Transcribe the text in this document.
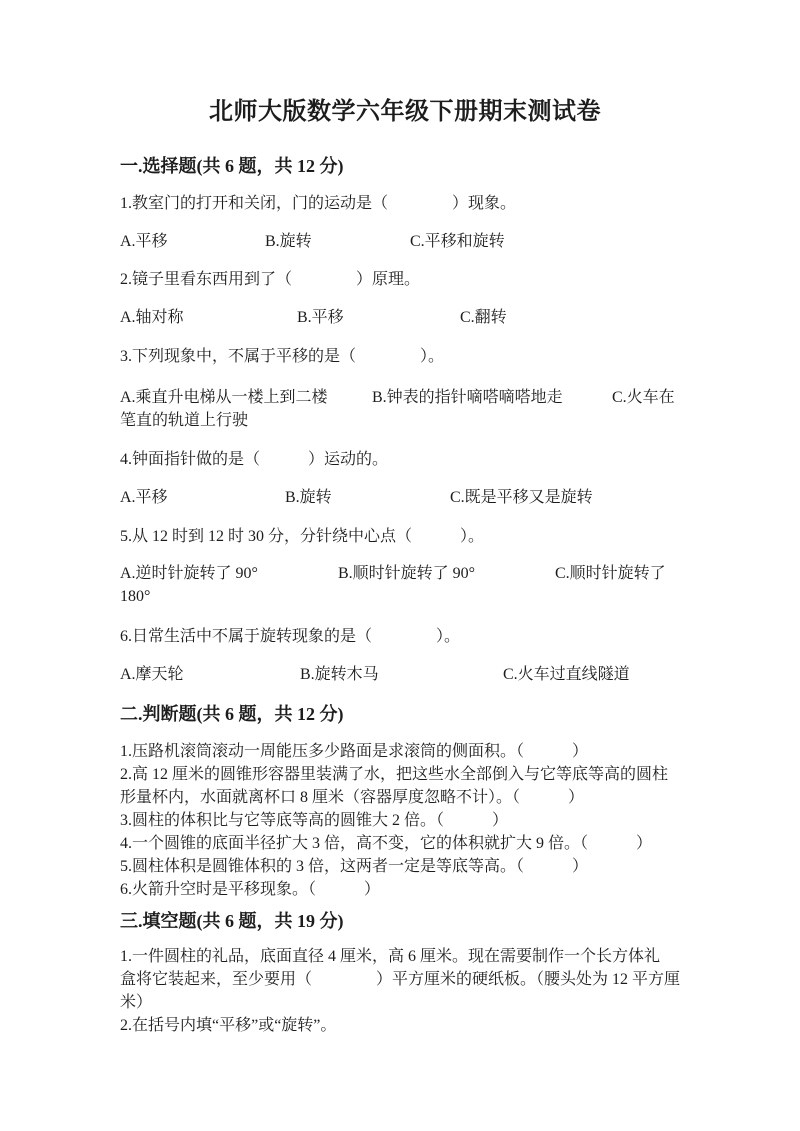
北师大版数学六年级下册期末测试卷
一.选择题(共 6 题，共 12 分)

1.教室门的打开和关闭，门的运动是（　　　　）现象。

A.平移	B.旋转	C.平移和旋转

2.镜子里看东西用到了（　　　　）原理。

A.轴对称	B.平移	C.翻转

3.下列现象中，不属于平移的是（　　　　）。

A.乘直升电梯从一楼上到二楼	B.钟表的指针嘀嗒嘀嗒地走	C.火车在
笔直的轨道上行驶

4.钟面指针做的是（　　　）运动的。

A.平移	B.旋转	C.既是平移又是旋转

5.从 12 时到 12 时 30 分，分针绕中心点（　　　）。

A.逆时针旋转了 90°	B.顺时针旋转了 90°	C.顺时针旋转了
180°

6.日常生活中不属于旋转现象的是（　　　　）。

A.摩天轮	B.旋转木马	C.火车过直线隧道
二.判断题(共 6 题，共 12 分)
1.压路机滚筒滚动一周能压多少路面是求滚筒的侧面积。（　　　）
2.高 12 厘米的圆锥形容器里装满了水，把这些水全部倒入与它等底等高的圆柱
形量杯内，水面就离杯口 8 厘米（容器厚度忽略不计）。（　　　）
3.圆柱的体积比与它等底等高的圆锥大 2 倍。（　　　）
4.一个圆锥的底面半径扩大 3 倍，高不变，它的体积就扩大 9 倍。（　　　）
5.圆柱体积是圆锥体积的 3 倍，这两者一定是等底等高。（　　　）
6.火箭升空时是平移现象。（　　　）
三.填空题(共 6 题，共 19 分)
1.一件圆柱的礼品，底面直径 4 厘米，高 6 厘米。现在需要制作一个长方体礼
盒将它装起来，至少要用（　　　　）平方厘米的硬纸板。（腰头处为 12 平方厘
米）
2.在括号内填“平移”或“旋转”。
